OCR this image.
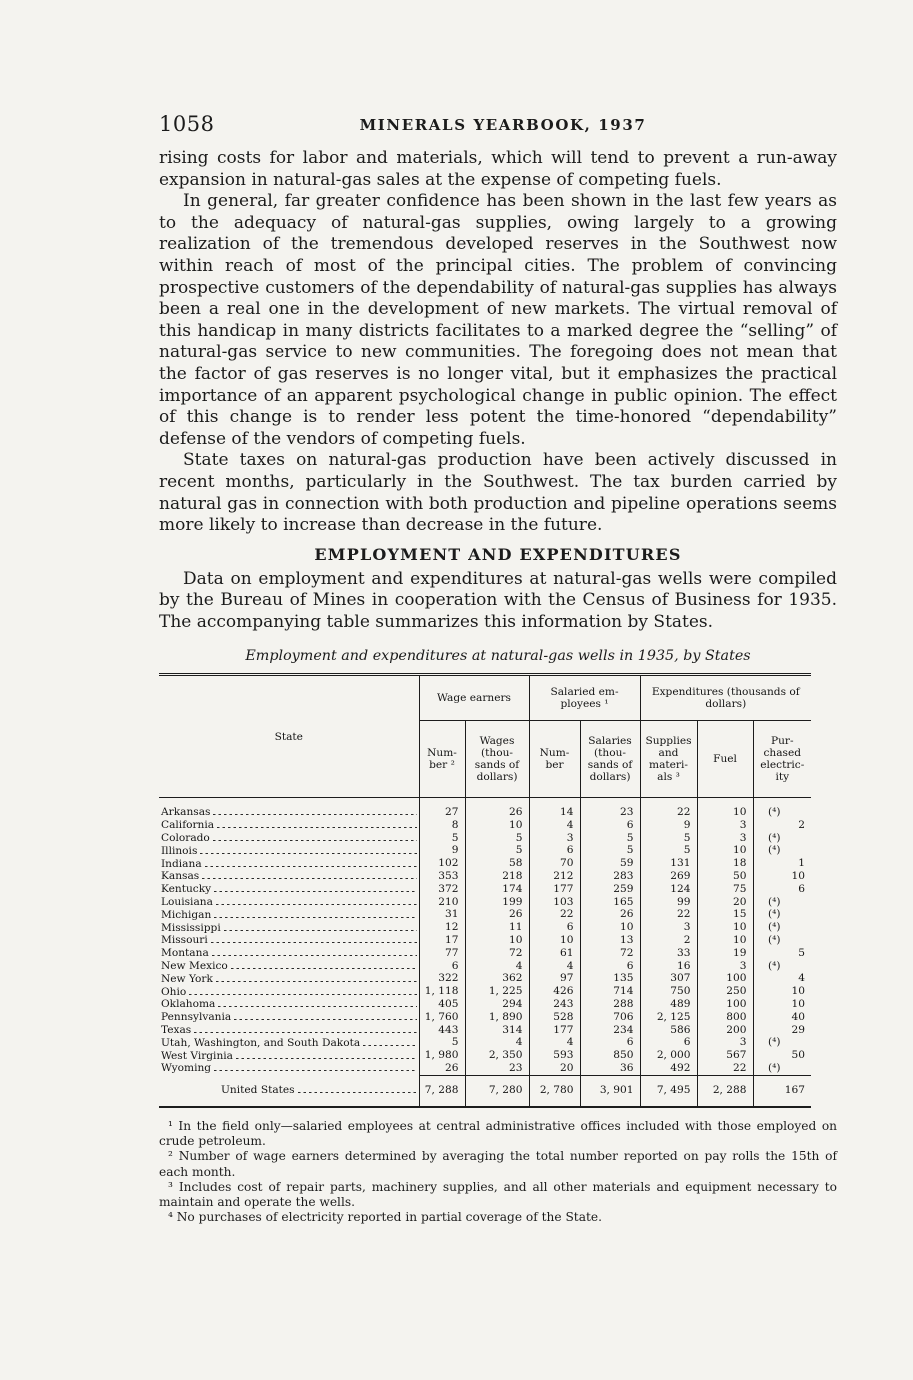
1058	MINERALS YEARBOOK, 1937

rising costs for labor and materials, which will tend to prevent a run-away expansion in natural-gas sales at the expense of competing fuels.

In general, far greater confidence has been shown in the last few years as to the adequacy of natural-gas supplies, owing largely to a growing realization of the tremendous developed reserves in the Southwest now within reach of most of the principal cities. The problem of convincing prospective customers of the dependability of natural-gas supplies has always been a real one in the development of new markets. The virtual removal of this handicap in many districts facilitates to a marked degree the “selling” of natural-gas service to new communities. The foregoing does not mean that the factor of gas reserves is no longer vital, but it emphasizes the practical importance of an apparent psychological change in public opinion. The effect of this change is to render less potent the time-honored “dependability” defense of the vendors of competing fuels.

State taxes on natural-gas production have been actively discussed in recent months, particularly in the Southwest. The tax burden carried by natural gas in connection with both production and pipeline operations seems more likely to increase than decrease in the future.

EMPLOYMENT AND EXPENDITURES

Data on employment and expenditures at natural-gas wells were compiled by the Bureau of Mines in cooperation with the Census of Business for 1935. The accompanying table summarizes this information by States.

Employment and expenditures at natural-gas wells in 1935, by States

State	Wage earners		Salaried employees ¹		Expenditures (thousands of dollars)		
	Number ²	Wages (thousands of dollars)	Number	Salaries (thousands of dollars)	Supplies and materials ³	Fuel	Purchased electricity

Arkansas	27	26	14	23	22	10	(⁴)

California	8	10	4	6	9	3	2

Colorado	5	5	3	5	5	3	(⁴)

Illinois	9	5	6	5	5	10	(⁴)

Indiana	102	58	70	59	131	18	1

Kansas	353	218	212	283	269	50	10

Kentucky	372	174	177	259	124	75	6

Louisiana	210	199	103	165	99	20	(⁴)

Michigan	31	26	22	26	22	15	(⁴)

Mississippi	12	11	6	10	3	10	(⁴)

Missouri	17	10	10	13	2	10	(⁴)

Montana	77	72	61	72	33	19	5

New Mexico	6	4	4	6	16	3	(⁴)

New York	322	362	97	135	307	100	4

Ohio	1, 118	1, 225	426	714	750	250	10

Oklahoma	405	294	243	288	489	100	10

Pennsylvania	1, 760	1, 890	528	706	2, 125	800	40

Texas	443	314	177	234	586	200	29

Utah, Washington, and South Dakota	5	4	4	6	6	3	(⁴)

West Virginia	1, 980	2, 350	593	850	2, 000	567	50

Wyoming	26	23	20	36	492	22	(⁴)

United States	7, 288	7, 280	2, 780	3, 901	7, 495	2, 288	167

¹ In the field only—salaried employees at central administrative offices included with those employed on crude petroleum.

² Number of wage earners determined by averaging the total number reported on pay rolls the 15th of each month.

³ Includes cost of repair parts, machinery supplies, and all other materials and equipment necessary to maintain and operate the wells.

⁴ No purchases of electricity reported in partial coverage of the State.
